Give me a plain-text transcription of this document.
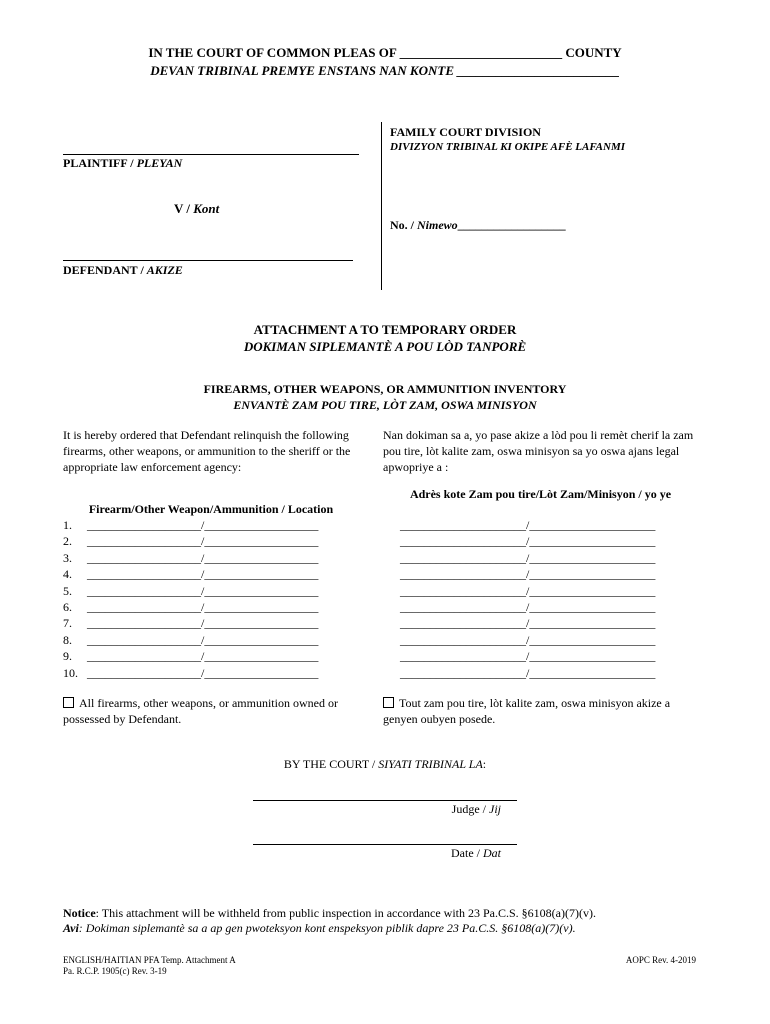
IN THE COURT OF COMMON PLEAS OF _________________________ COUNTY
DEVAN TRIBINAL PREMYE ENSTANS NAN KONTE _________________________
PLAINTIFF / PLEYAN
V / Kont
DEFENDANT / AKIZE
FAMILY COURT DIVISION
DIVIZYON TRIBINAL KI OKIPE AFÈ LAFANMI
No. / Nimewo__________________
ATTACHMENT A TO TEMPORARY ORDER
DOKIMAN SIPLEMANTÈ A POU LÒD TANPORÈ
FIREARMS, OTHER WEAPONS, OR AMMUNITION INVENTORY
ENVANTÈ ZAM POU TIRE, LÒT ZAM, OSWA MINISYON
It is hereby ordered that Defendant relinquish the following firearms, other weapons, or ammunition to the sheriff or the appropriate law enforcement agency:
Nan dokiman sa a, yo pase akize a lòd pou li remèt cherif la zam pou tire, lòt kalite zam, oswa minisyon sa yo oswa ajans legal apwopriye a :
Firearm/Other Weapon/Ammunition / Location
Adrès kote Zam pou tire/Lòt Zam/Minisyon / yo ye
1. ___________________/___________________
2. ___________________/___________________
3. ___________________/___________________
4. ___________________/___________________
5. ___________________/___________________
6. ___________________/___________________
7. ___________________/___________________
8. ___________________/___________________
9. ___________________/___________________
10. ___________________/___________________
_____________________/_____________________
_____________________/_____________________
_____________________/_____________________
_____________________/_____________________
_____________________/_____________________
_____________________/_____________________
_____________________/_____________________
_____________________/_____________________
_____________________/_____________________
_____________________/_____________________
All firearms, other weapons, or ammunition owned or possessed by Defendant.
Tout zam pou tire, lòt kalite zam, oswa minisyon akize a genyen oubyen posede.
BY THE COURT / SIYATI TRIBINAL LA:
Judge / Jij
Date / Dat
Notice: This attachment will be withheld from public inspection in accordance with 23 Pa.C.S. §6108(a)(7)(v).
Avi: Dokiman siplemantè sa a ap gen pwoteksyon kont enspeksyon piblik dapre 23 Pa.C.S. §6108(a)(7)(v).
ENGLISH/HAITIAN PFA Temp. Attachment A
Pa. R.C.P. 1905(c) Rev. 3-19
AOPC Rev. 4-2019
